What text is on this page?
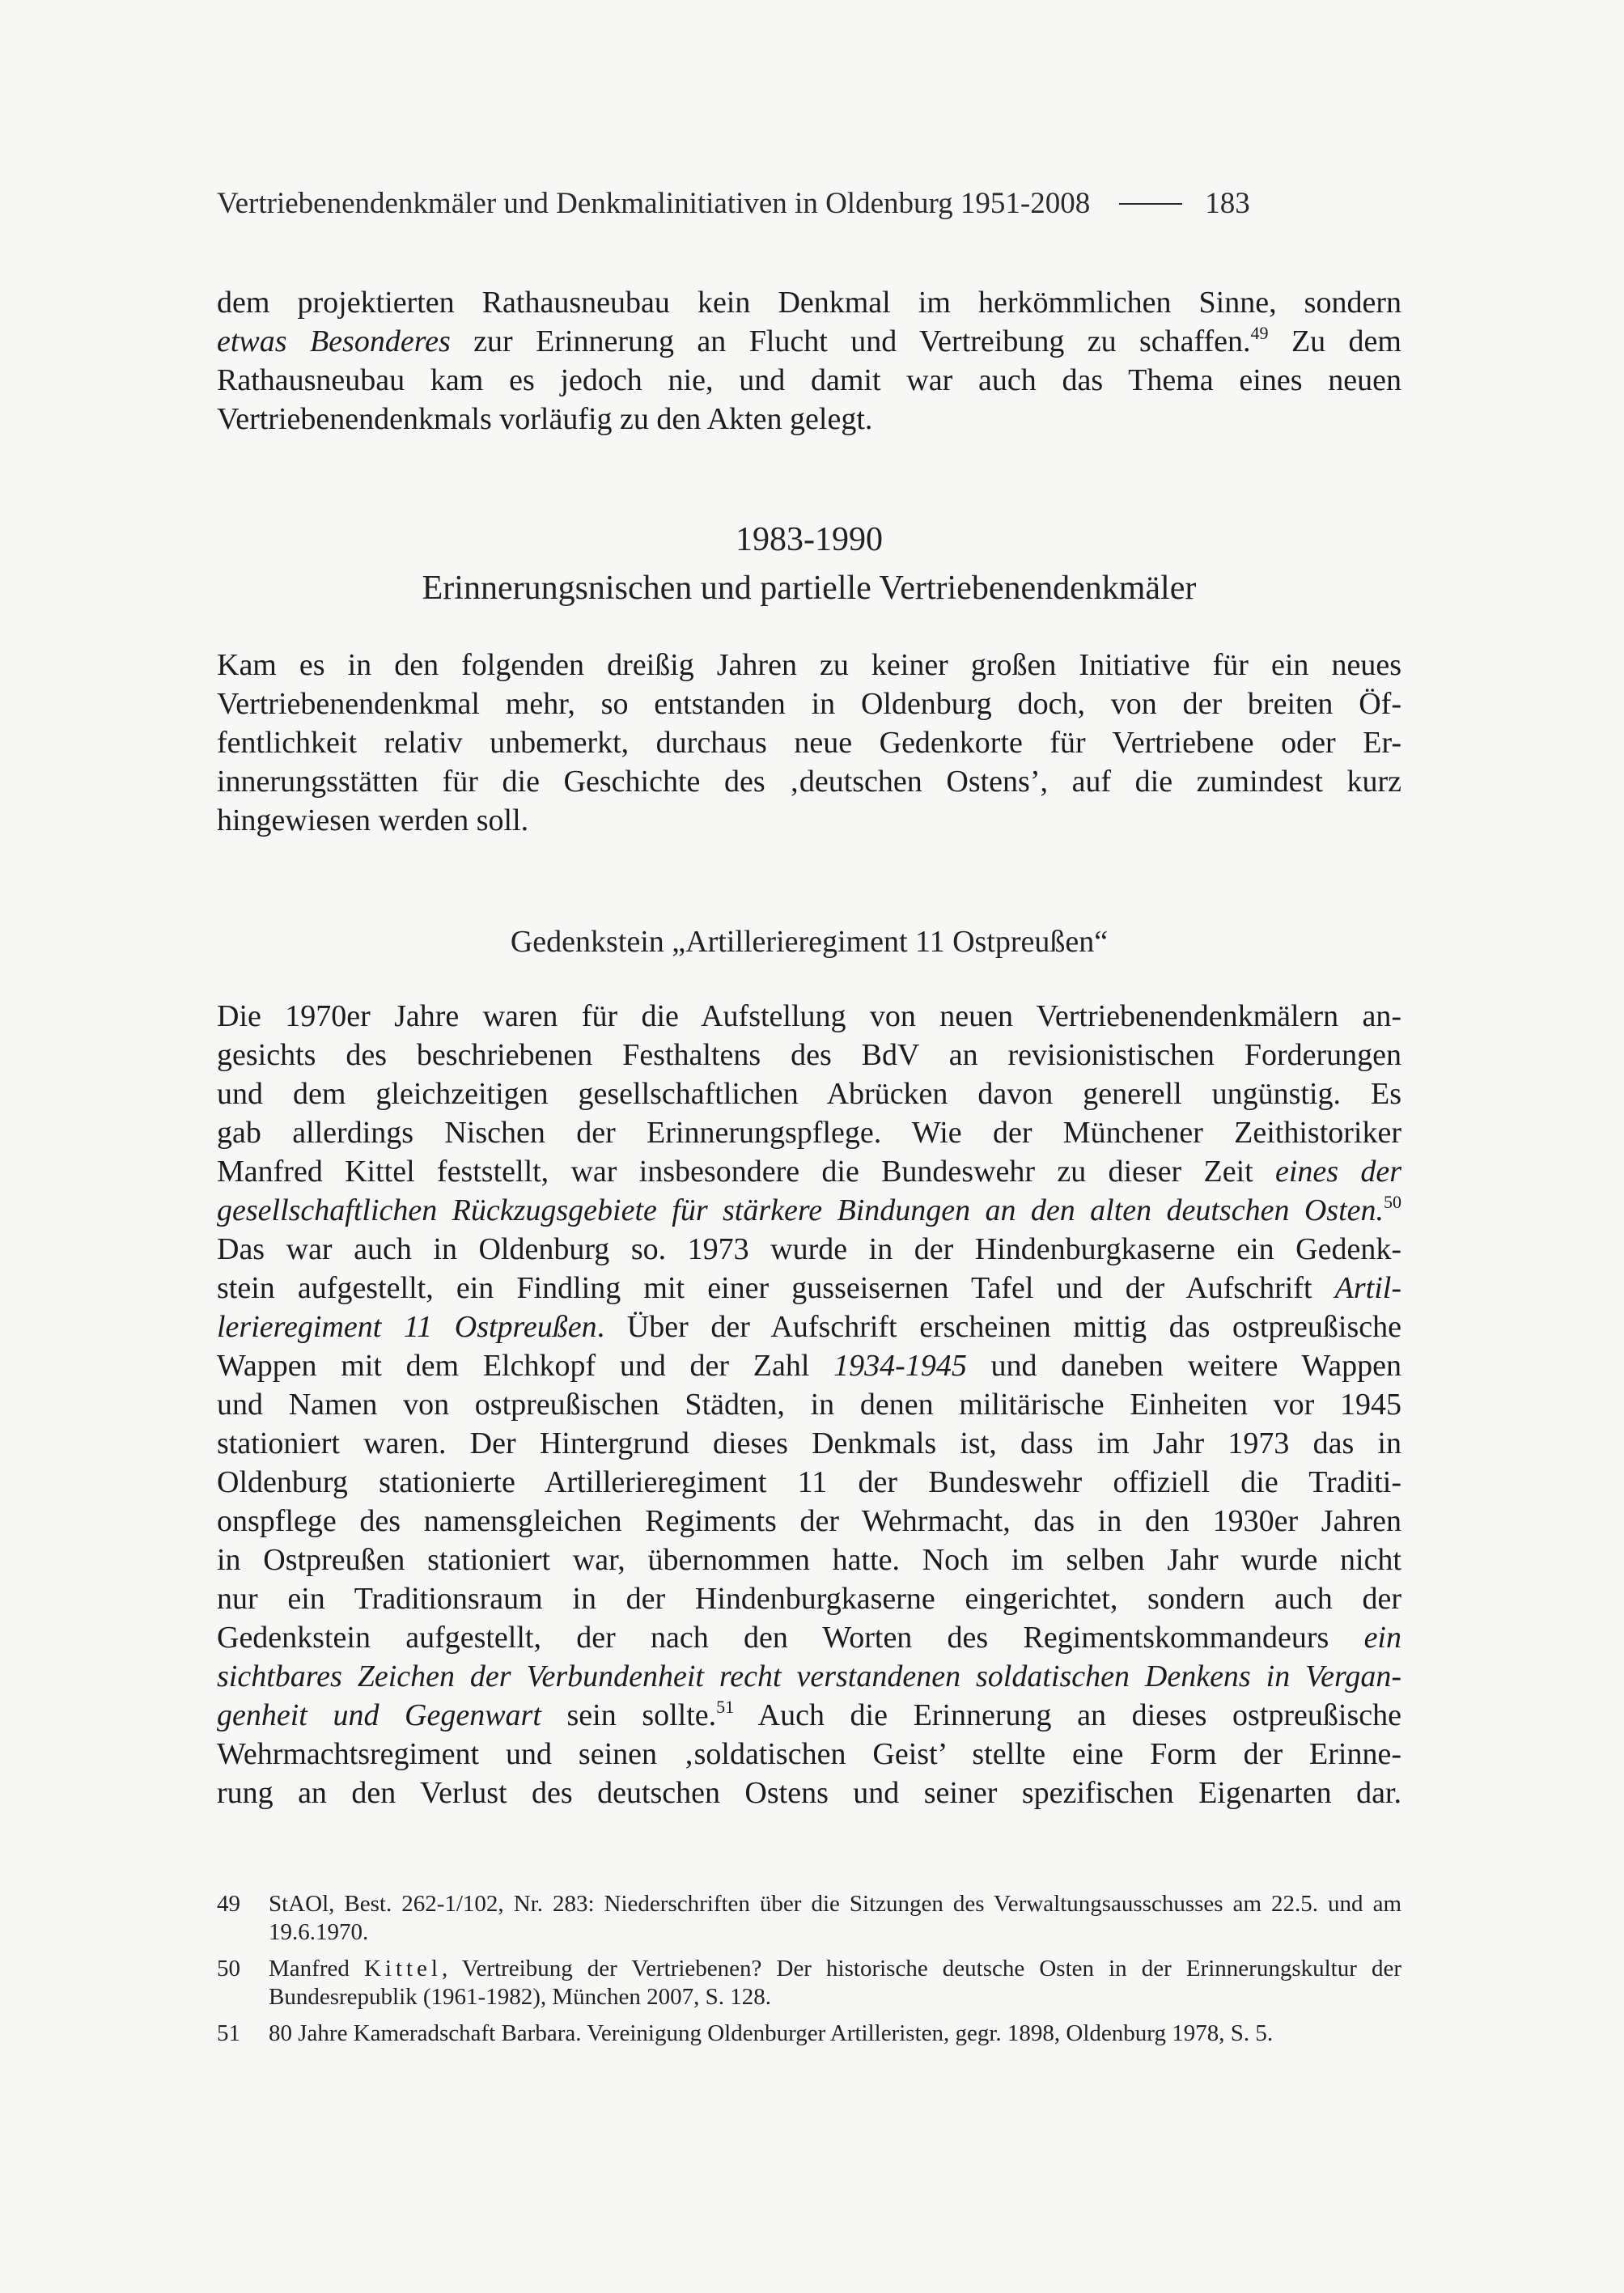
Vertriebenendenkmäler und Denkmalinitiativen in Oldenburg 1951-2008	183

dem projektierten Rathausneubau kein Denkmal im herkömmlichen Sinne, sondern
etwas Besonderes zur Erinnerung an Flucht und Vertreibung zu schaffen.$^{49}$ Zu dem
Rathausneubau kam es jedoch nie, und damit war auch das Thema eines neuen
Vertriebenendenkmals vorläufig zu den Akten gelegt.

1983-1990
Erinnerungsnischen und partielle Vertriebenendenkmäler

Kam es in den folgenden dreißig Jahren zu keiner großen Initiative für ein neues
Vertriebenendenkmal mehr, so entstanden in Oldenburg doch, von der breiten Öf-
fentlichkeit relativ unbemerkt, durchaus neue Gedenkorte für Vertriebene oder Er-
innerungsstätten für die Geschichte des ‚deutschen Ostens’, auf die zumindest kurz
hingewiesen werden soll.

Gedenkstein „Artillerieregiment 11 Ostpreußen“

Die 1970er Jahre waren für die Aufstellung von neuen Vertriebenendenkmälern an-
gesichts des beschriebenen Festhaltens des BdV an revisionistischen Forderungen
und dem gleichzeitigen gesellschaftlichen Abrücken davon generell ungünstig. Es
gab allerdings Nischen der Erinnerungspflege. Wie der Münchener Zeithistoriker
Manfred Kittel feststellt, war insbesondere die Bundeswehr zu dieser Zeit eines der
gesellschaftlichen Rückzugsgebiete für stärkere Bindungen an den alten deutschen Osten.$^{50}$
Das war auch in Oldenburg so. 1973 wurde in der Hindenburgkaserne ein Gedenk-
stein aufgestellt, ein Findling mit einer gusseisernen Tafel und der Aufschrift Artil-
lerieregiment 11 Ostpreußen. Über der Aufschrift erscheinen mittig das ostpreußische
Wappen mit dem Elchkopf und der Zahl 1934-1945 und daneben weitere Wappen
und Namen von ostpreußischen Städten, in denen militärische Einheiten vor 1945
stationiert waren. Der Hintergrund dieses Denkmals ist, dass im Jahr 1973 das in
Oldenburg stationierte Artillerieregiment 11 der Bundeswehr offiziell die Traditi-
onspflege des namensgleichen Regiments der Wehrmacht, das in den 1930er Jahren
in Ostpreußen stationiert war, übernommen hatte. Noch im selben Jahr wurde nicht
nur ein Traditionsraum in der Hindenburgkaserne eingerichtet, sondern auch der
Gedenkstein aufgestellt, der nach den Worten des Regimentskommandeurs ein
sichtbares Zeichen der Verbundenheit recht verstandenen soldatischen Denkens in Vergan-
genheit und Gegenwart sein sollte.$^{51}$ Auch die Erinnerung an dieses ostpreußische
Wehrmachtsregiment und seinen ‚soldatischen Geist’ stellte eine Form der Erinne-
rung an den Verlust des deutschen Ostens und seiner spezifischen Eigenarten dar.

49	StAOl, Best. 262-1/102, Nr. 283: Niederschriften über die Sitzungen des Verwaltungsausschusses am 22.5. und am 19.6.1970.
50	Manfred Kittel, Vertreibung der Vertriebenen? Der historische deutsche Osten in der Erinnerungskultur der Bundesrepublik (1961-1982), München 2007, S. 128.
51	80 Jahre Kameradschaft Barbara. Vereinigung Oldenburger Artilleristen, gegr. 1898, Oldenburg 1978, S. 5.
